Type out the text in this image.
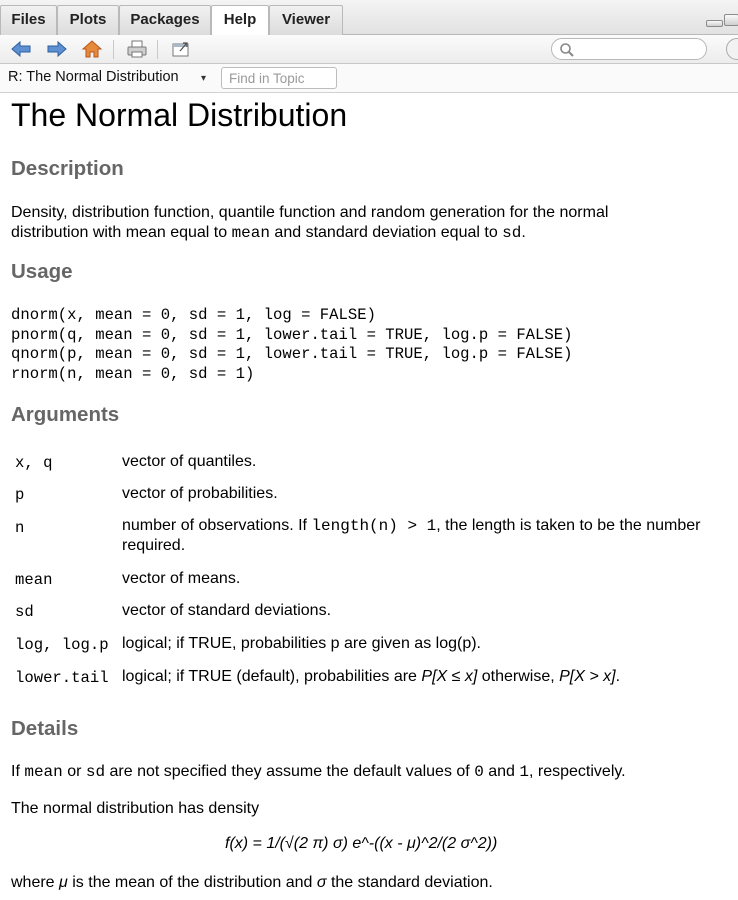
Files	Plots	Packages	Help	Viewer
R: The Normal Distribution ▾
Find in Topic
The Normal Distribution
Description
Density, distribution function, quantile function and random generation for the normal
distribution with mean equal to mean and standard deviation equal to sd.
Usage
dnorm(x, mean = 0, sd = 1, log = FALSE)
pnorm(q, mean = 0, sd = 1, lower.tail = TRUE, log.p = FALSE)
qnorm(p, mean = 0, sd = 1, lower.tail = TRUE, log.p = FALSE)
rnorm(n, mean = 0, sd = 1)
Arguments
x, q	vector of quantiles.
p	vector of probabilities.
n	number of observations. If length(n) > 1, the length is taken to be the number required.
mean	vector of means.
sd	vector of standard deviations.
log, log.p logical; if TRUE, probabilities p are given as log(p).
lower.tail logical; if TRUE (default), probabilities are P[X ≤ x] otherwise, P[X > x].
Details
If mean or sd are not specified they assume the default values of 0 and 1, respectively.
The normal distribution has density
f(x) = 1/(√(2 π) σ) e^-((x - μ)^2/(2 σ^2))
where μ is the mean of the distribution and σ the standard deviation.
